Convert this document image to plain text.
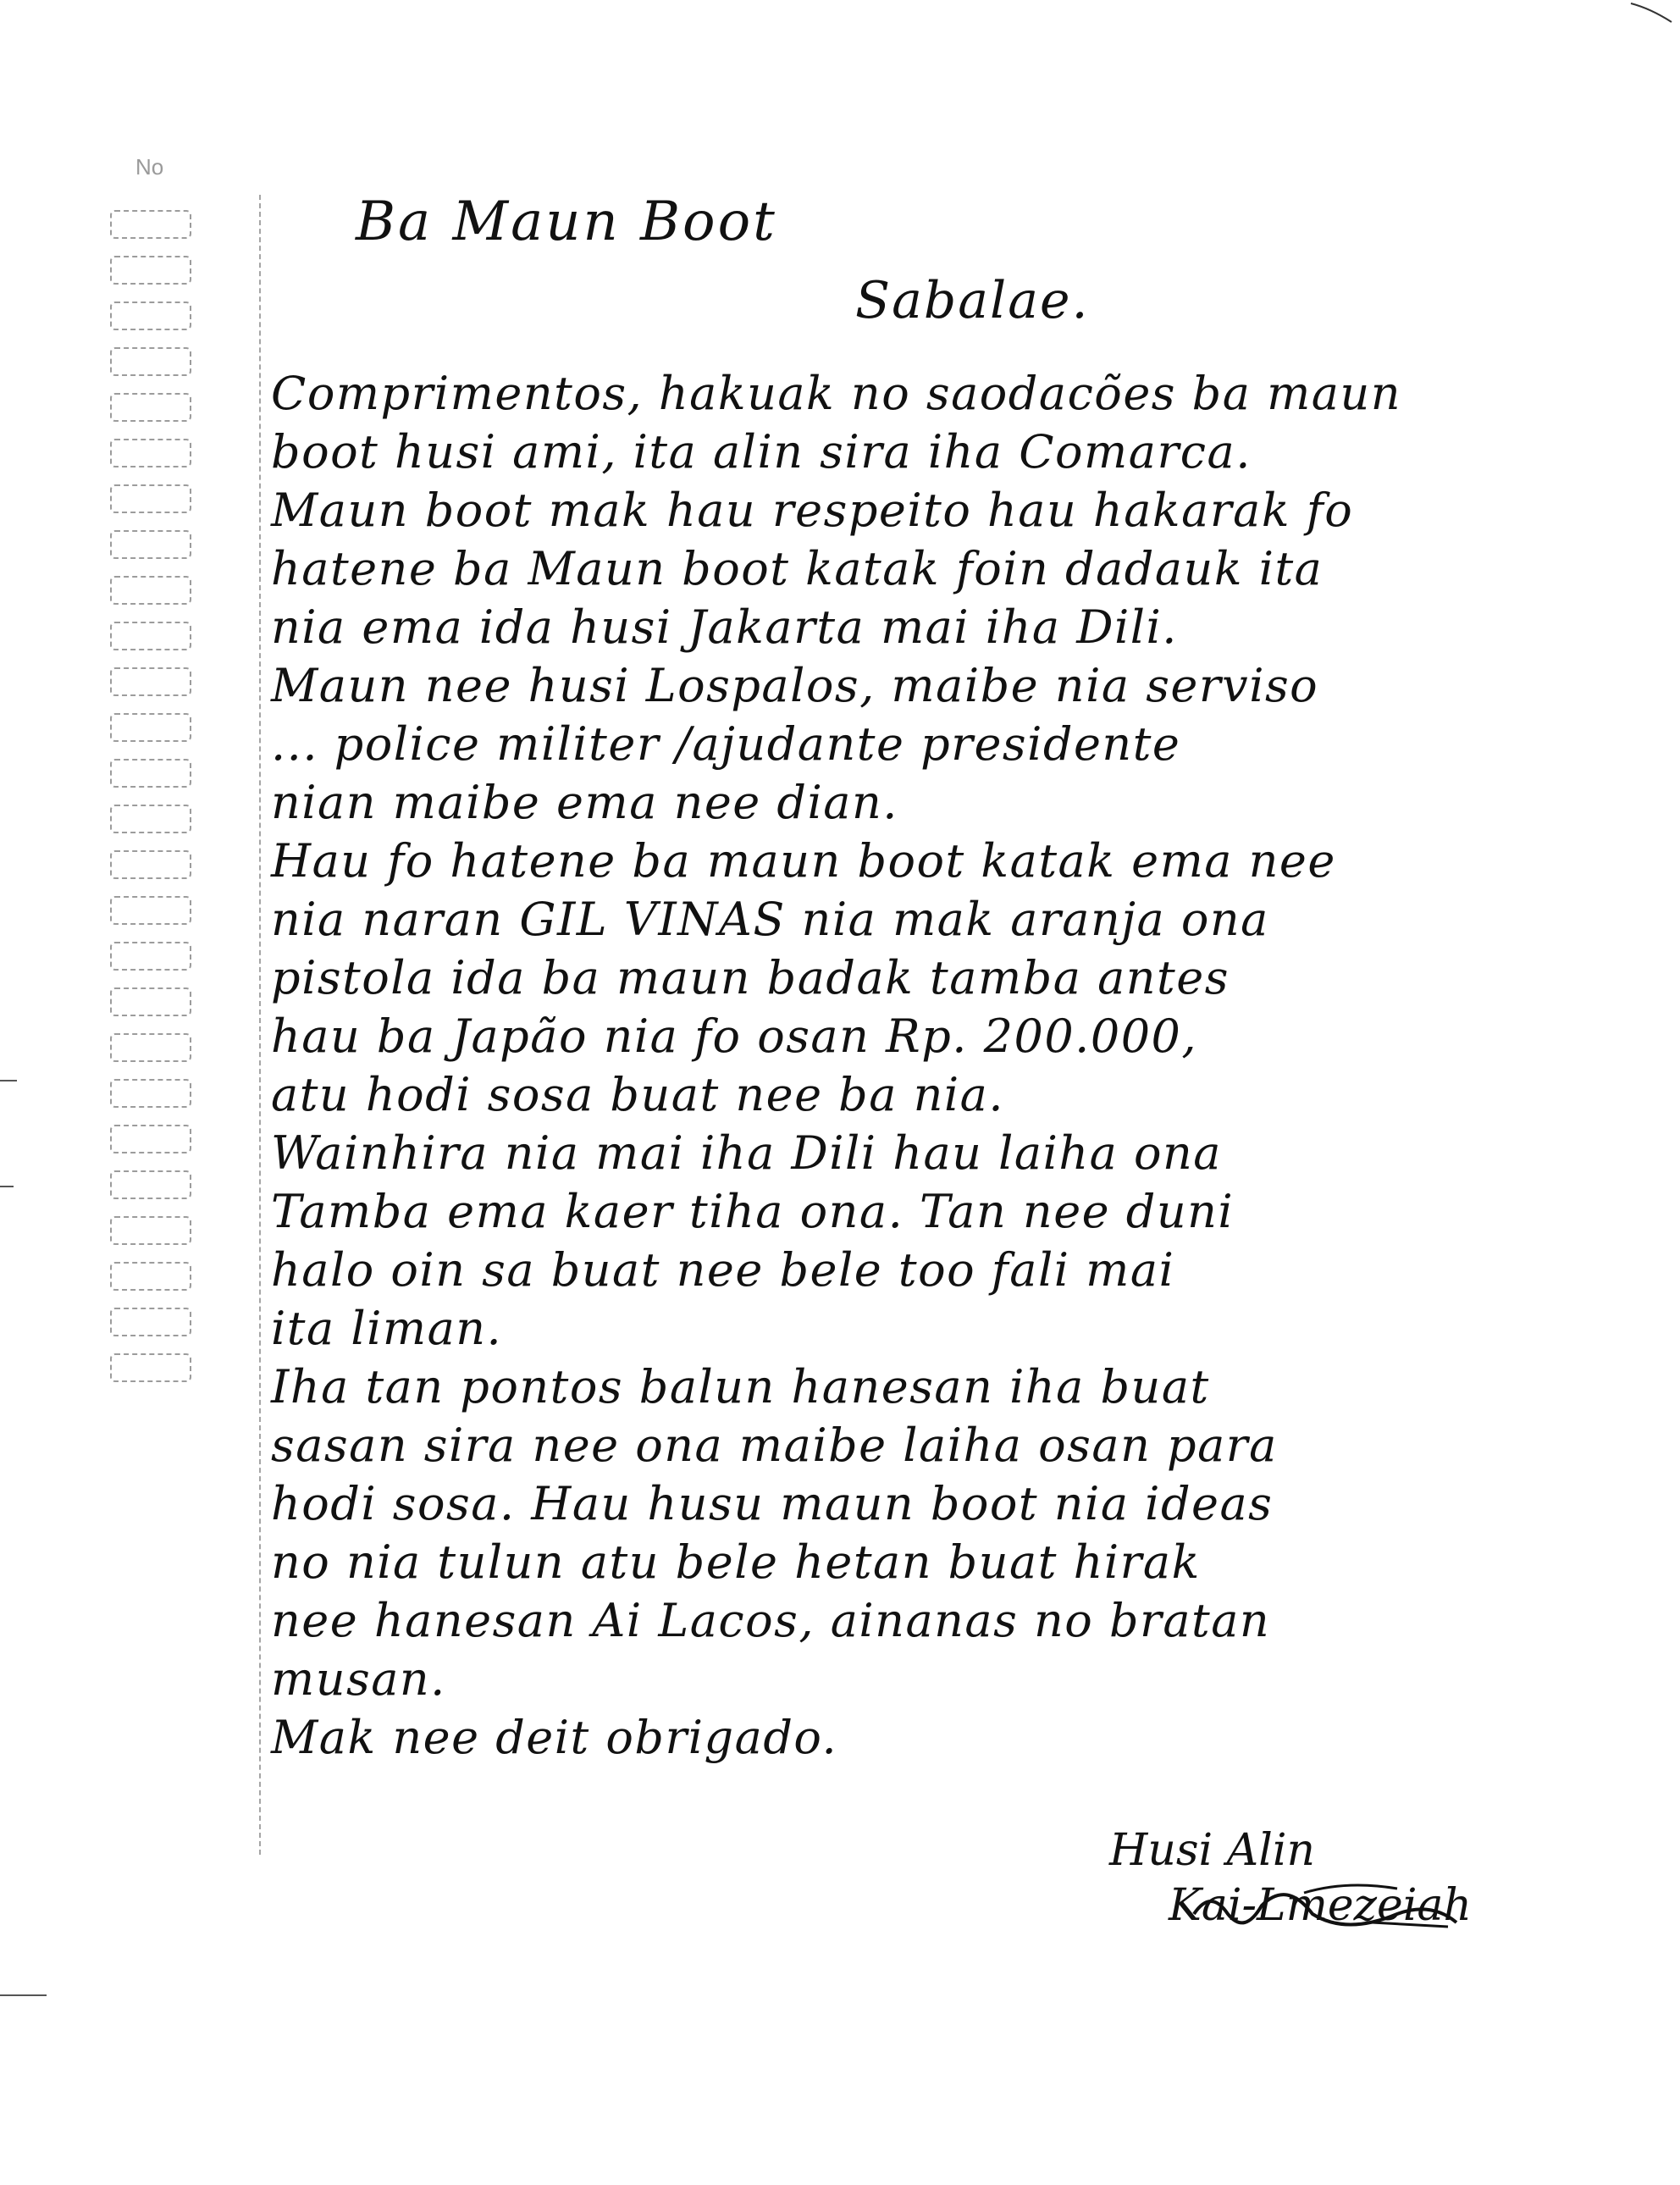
No
Ba Maun Boot
Sabalae.
Comprimentos, hakuak no saodacões ba maun
boot husi ami, ita alin sira iha Comarca.
Maun boot mak hau respeito hau hakarak fo
hatene ba Maun boot katak foin dadauk ita
nia ema ida husi Jakarta mai iha Dili.
Maun nee husi Lospalos, maibe nia serviso
... police militer /ajudante presidente
nian maibe ema nee dian.
Hau fo hatene ba maun boot katak ema nee
nia naran GIL VINAS nia mak aranja ona
pistola ida ba maun badak tamba antes
hau ba Japão nia fo osan Rp. 200.000,
atu hodi sosa buat nee ba nia.
Wainhira nia mai iha Dili hau laiha ona
Tamba ema kaer tiha ona. Tan nee duni
halo oin sa buat nee bele too fali mai
ita liman.
Iha tan pontos balun hanesan iha buat
sasan sira nee ona maibe laiha osan para
hodi sosa. Hau husu maun boot nia ideas
no nia tulun atu bele hetan buat hirak
nee hanesan Ai Lacos, ainanas no bratan
musan.
Mak nee deit obrigado.
Husi Alin
Kai-Lmezeiah
